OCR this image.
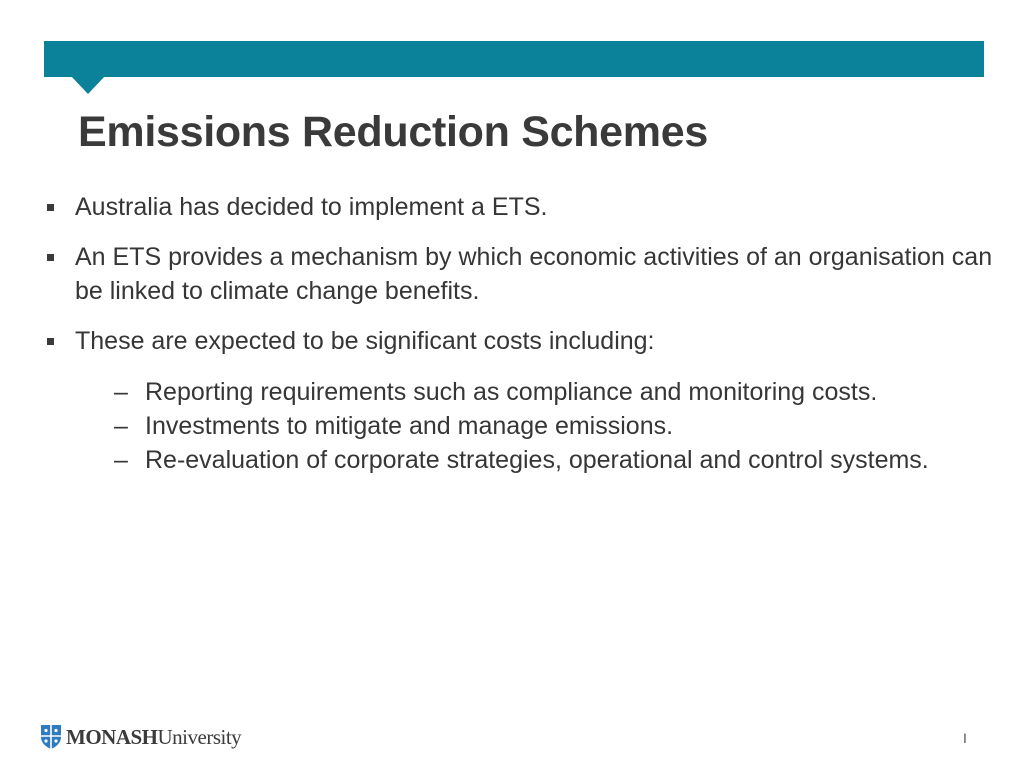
Emissions Reduction Schemes
Australia has decided to implement a ETS.
An ETS provides a mechanism by which economic activities of an organisation can be linked to climate change benefits.
These are expected to be significant costs including:
– Reporting requirements such as compliance and monitoring costs.
– Investments to mitigate and manage emissions.
– Re-evaluation of corporate strategies, operational and control systems.
MONASH University	I
